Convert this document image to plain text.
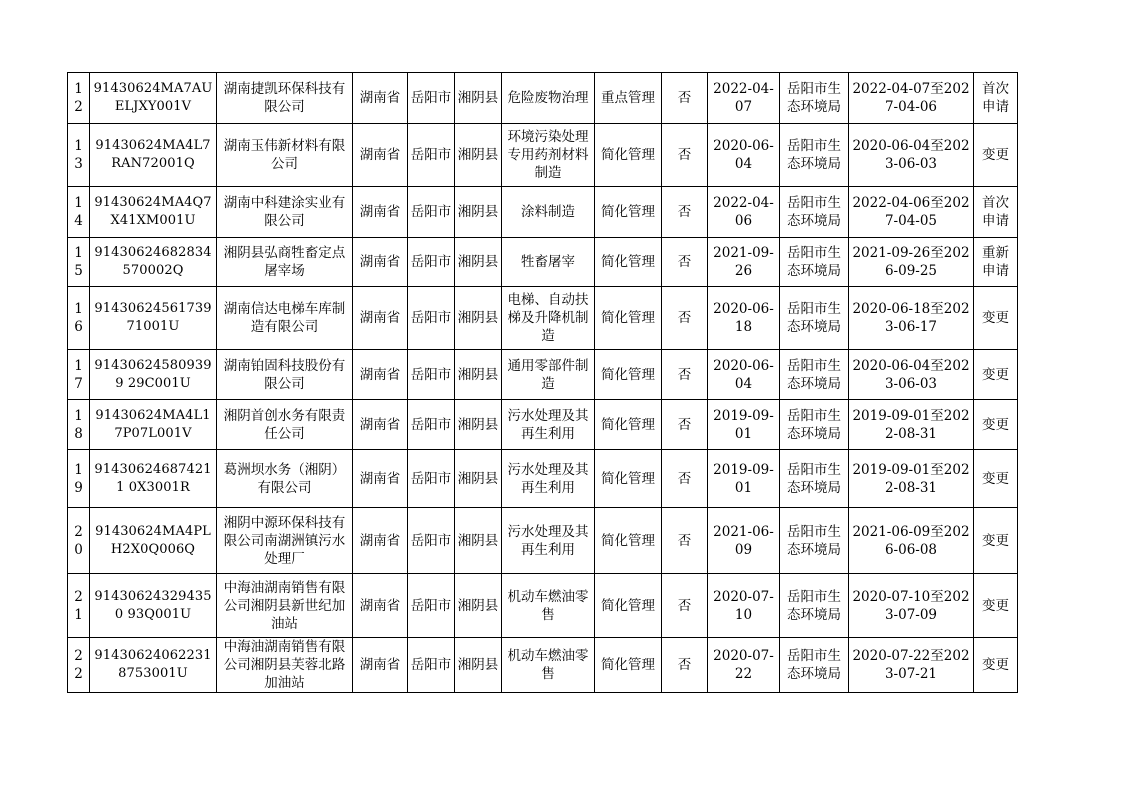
12	91430624MA7AUELJXY001V	湖南捷凯环保科技有限公司	湖南省	岳阳市	湘阴县	危险废物治理	重点管理	否	2022-04-07	岳阳市生态环境局	2022-04-07至2027-04-06	首次申请
13	91430624MA4L7RAN72001Q	湖南玉伟新材料有限公司	湖南省	岳阳市	湘阴县	环境污染处理专用药剂材料制造	简化管理	否	2020-06-04	岳阳市生态环境局	2020-06-04至2023-06-03	变更
14	91430624MA4Q7X41XM001U	湖南中科建涂实业有限公司	湖南省	岳阳市	湘阴县	涂料制造	简化管理	否	2022-04-06	岳阳市生态环境局	2022-04-06至2027-04-05	首次申请
15	91430624682834570002Q	湘阴县弘商牲畜定点屠宰场	湖南省	岳阳市	湘阴县	牲畜屠宰	简化管理	否	2021-09-26	岳阳市生态环境局	2021-09-26至2026-09-25	重新申请
16	9143062456173971001U	湖南信达电梯车库制造有限公司	湖南省	岳阳市	湘阴县	电梯、自动扶梯及升降机制造	简化管理	否	2020-06-18	岳阳市生态环境局	2020-06-18至2023-06-17	变更
17	914306245809399 29C001U	湖南铂固科技股份有限公司	湖南省	岳阳市	湘阴县	通用零部件制造	简化管理	否	2020-06-04	岳阳市生态环境局	2020-06-04至2023-06-03	变更
18	91430624MA4L17P07L001V	湘阴首创水务有限责任公司	湖南省	岳阳市	湘阴县	污水处理及其再生利用	简化管理	否	2019-09-01	岳阳市生态环境局	2019-09-01至2022-08-31	变更
19	914306246874211 0X3001R	葛洲坝水务（湘阴）有限公司	湖南省	岳阳市	湘阴县	污水处理及其再生利用	简化管理	否	2019-09-01	岳阳市生态环境局	2019-09-01至2022-08-31	变更
20	91430624MA4PLH2X0Q006Q	湘阴中源环保科技有限公司南湖洲镇污水处理厂	湖南省	岳阳市	湘阴县	污水处理及其再生利用	简化管理	否	2021-06-09	岳阳市生态环境局	2021-06-09至2026-06-08	变更
21	914306243294350 93Q001U	中海油湖南销售有限公司湘阴县新世纪加油站	湖南省	岳阳市	湘阴县	机动车燃油零售	简化管理	否	2020-07-10	岳阳市生态环境局	2020-07-10至2023-07-09	变更
22	914306240622318753001U	中海油湖南销售有限公司湘阴县芙蓉北路加油站	湖南省	岳阳市	湘阴县	机动车燃油零售	简化管理	否	2020-07-22	岳阳市生态环境局	2020-07-22至2023-07-21	变更
